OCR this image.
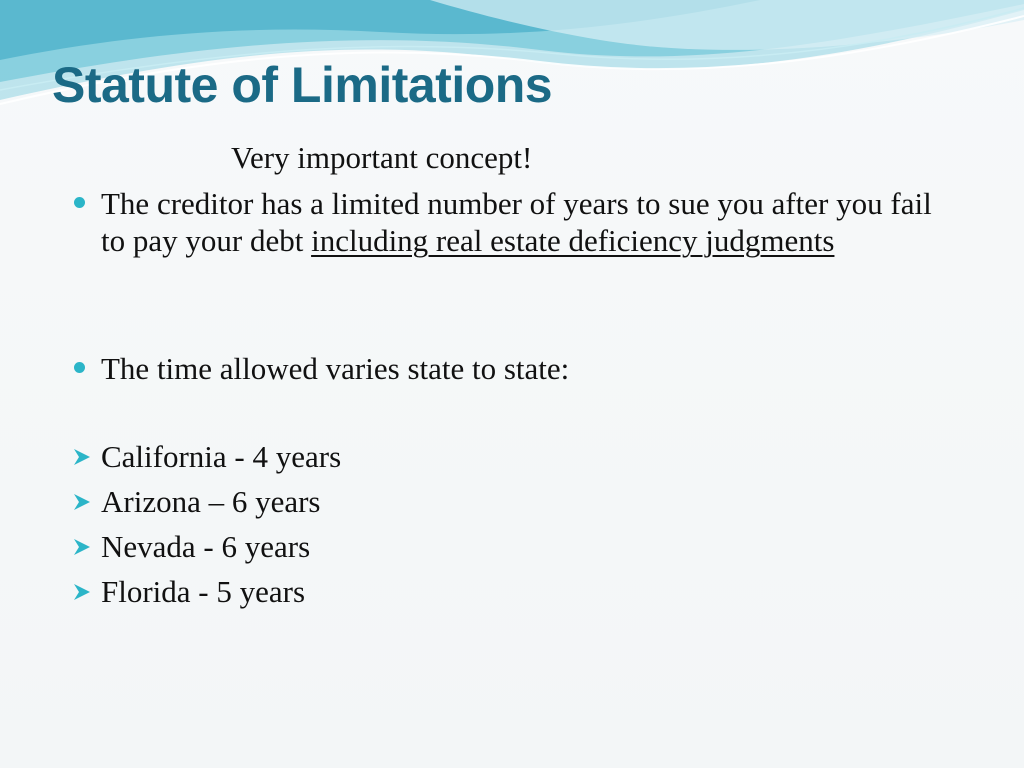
Statute of Limitations
Very important concept!
The creditor has a limited number of years to sue you after you fail to pay your debt including real estate deficiency judgments
The time allowed varies state to state:
California - 4 years
Arizona – 6 years
Nevada - 6 years
Florida - 5 years
